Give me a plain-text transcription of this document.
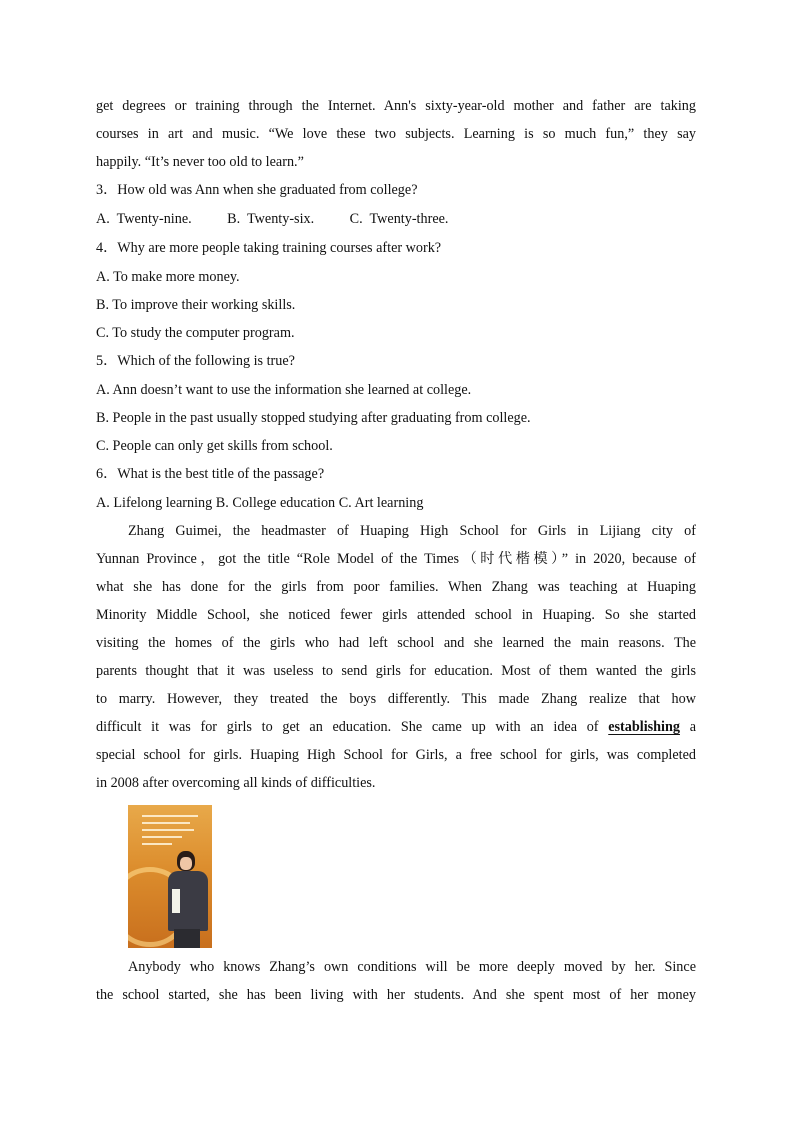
get degrees or training through the Internet. Ann's sixty-year-old mother and father are taking
courses in art and music. “We love these two subjects. Learning is so much fun,” they say
happily. “It’s never too old to learn.”
3．How old was Ann when she graduated from college?
A.  Twenty-nine.          B.  Twenty-six.          C.  Twenty-three.
4．Why are more people taking training courses after work?
A. To make more money.
B. To improve their working skills.
C. To study the computer program.
5．Which of the following is true?
A. Ann doesn’t want to use the information she learned at college.
B. People in the past usually stopped studying after graduating from college.
C. People can only get skills from school.
6．What is the best title of the passage?
A. Lifelong learning B. College education C. Art learning
Zhang Guimei, the headmaster of Huaping High School for Girls in Lijiang city of
Yunnan Province，got the title “Role Model of the Times（时代楷模）” in 2020, because of
what she has done for the girls from poor families. When Zhang was teaching at Huaping
Minority Middle School, she noticed fewer girls attended school in Huaping. So she started
visiting the homes of the girls who had left school and she learned the main reasons. The
parents thought that it was useless to send girls for education. Most of them wanted the girls
to marry. However, they treated the boys differently. This made Zhang realize that how
difficult it was for girls to get an education. She came up with an idea of establishing a
special school for girls. Huaping High School for Girls, a free school for girls, was completed
in 2008 after overcoming all kinds of difficulties.
Anybody who knows Zhang’s own conditions will be more deeply moved by her. Since
the school started, she has been living with her students. And she spent most of her money
